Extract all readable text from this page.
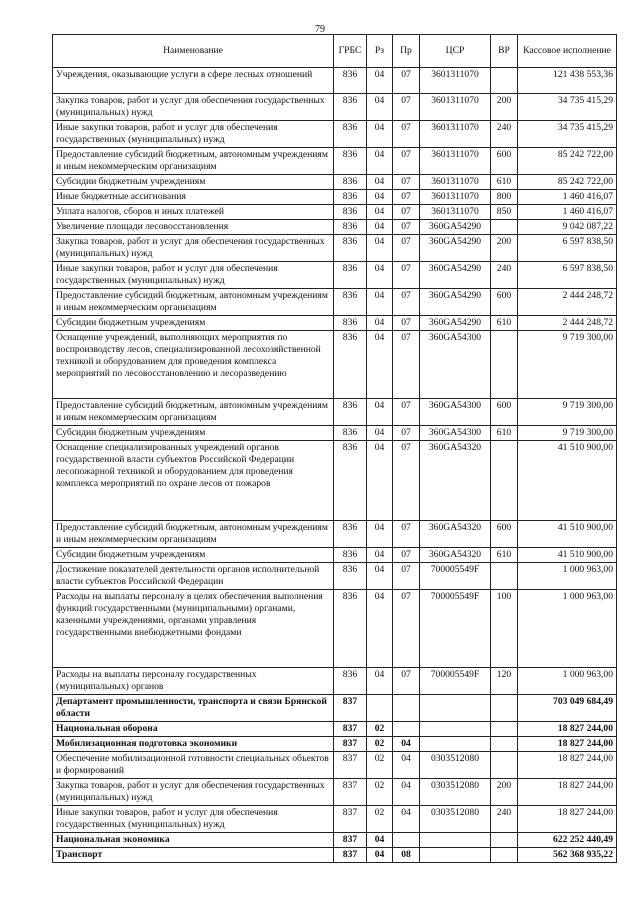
79
Наименование	ГРБС	Рз	Пр	ЦСР	ВР	Кассовое исполнение
Учреждения, оказывающие услуги в сфере лесных отношений	836	04	07	3601311070		121 438 553,36
Закупка товаров, работ и услуг для обеспечения государственных (муниципальных) нужд	836	04	07	3601311070	200	34 735 415,29
Иные закупки товаров, работ и услуг для обеспечения государственных (муниципальных) нужд	836	04	07	3601311070	240	34 735 415,29
Предоставление субсидий бюджетным, автономным учреждениям и иным некоммерческим организациям	836	04	07	3601311070	600	85 242 722,00
Субсидии бюджетным учреждениям	836	04	07	3601311070	610	85 242 722,00
Иные бюджетные ассигнования	836	04	07	3601311070	800	1 460 416,07
Уплата налогов, сборов и иных платежей	836	04	07	3601311070	850	1 460 416,07
Увеличение площади лесовосстановления	836	04	07	360GA54290		9 042 087,22
Закупка товаров, работ и услуг для обеспечения государственных (муниципальных) нужд	836	04	07	360GA54290	200	6 597 838,50
Иные закупки товаров, работ и услуг для обеспечения государственных (муниципальных) нужд	836	04	07	360GA54290	240	6 597 838,50
Предоставление субсидий бюджетным, автономным учреждениям и иным некоммерческим организациям	836	04	07	360GA54290	600	2 444 248,72
Субсидии бюджетным учреждениям	836	04	07	360GA54290	610	2 444 248,72
Оснащение учреждений, выполняющих мероприятия по воспроизводству лесов, специализированной лесохозяйственной техникой и оборудованием для проведения комплекса мероприятий по лесовосстановлению и лесоразведению	836	04	07	360GA54300		9 719 300,00
Предоставление субсидий бюджетным, автономным учреждениям и иным некоммерческим организациям	836	04	07	360GA54300	600	9 719 300,00
Субсидии бюджетным учреждениям	836	04	07	360GA54300	610	9 719 300,00
Оснащение специализированных учреждений органов государственной власти субъектов Российской Федерации лесопожарной техникой и оборудованием для проведения комплекса мероприятий по охране лесов от пожаров	836	04	07	360GA54320		41 510 900,00
Предоставление субсидий бюджетным, автономным учреждениям и иным некоммерческим организациям	836	04	07	360GA54320	600	41 510 900,00
Субсидии бюджетным учреждениям	836	04	07	360GA54320	610	41 510 900,00
Достижение показателей деятельности органов исполнительной власти субъектов Российской Федерации	836	04	07	700005549F		1 000 963,00
Расходы на выплаты персоналу в целях обеспечения выполнения функций государственными (муниципальными) органами, казенными учреждениями, органами управления государственными внебюджетными фондами	836	04	07	700005549F	100	1 000 963,00
Расходы на выплаты персоналу государственных (муниципальных) органов	836	04	07	700005549F	120	1 000 963,00
Департамент промышленности, транспорта и связи Брянской области	837					703 049 684,49
Национальная оборона	837	02				18 827 244,00
Мобилизационная подготовка экономики	837	02	04			18 827 244,00
Обеспечение мобилизационной готовности специальных объектов и формирований	837	02	04	0303512080		18 827 244,00
Закупка товаров, работ и услуг для обеспечения государственных (муниципальных) нужд	837	02	04	0303512080	200	18 827 244,00
Иные закупки товаров, работ и услуг для обеспечения государственных (муниципальных) нужд	837	02	04	0303512080	240	18 827 244,00
Национальная экономика	837	04				622 252 440,49
Транспорт	837	04	08			562 368 935,22
